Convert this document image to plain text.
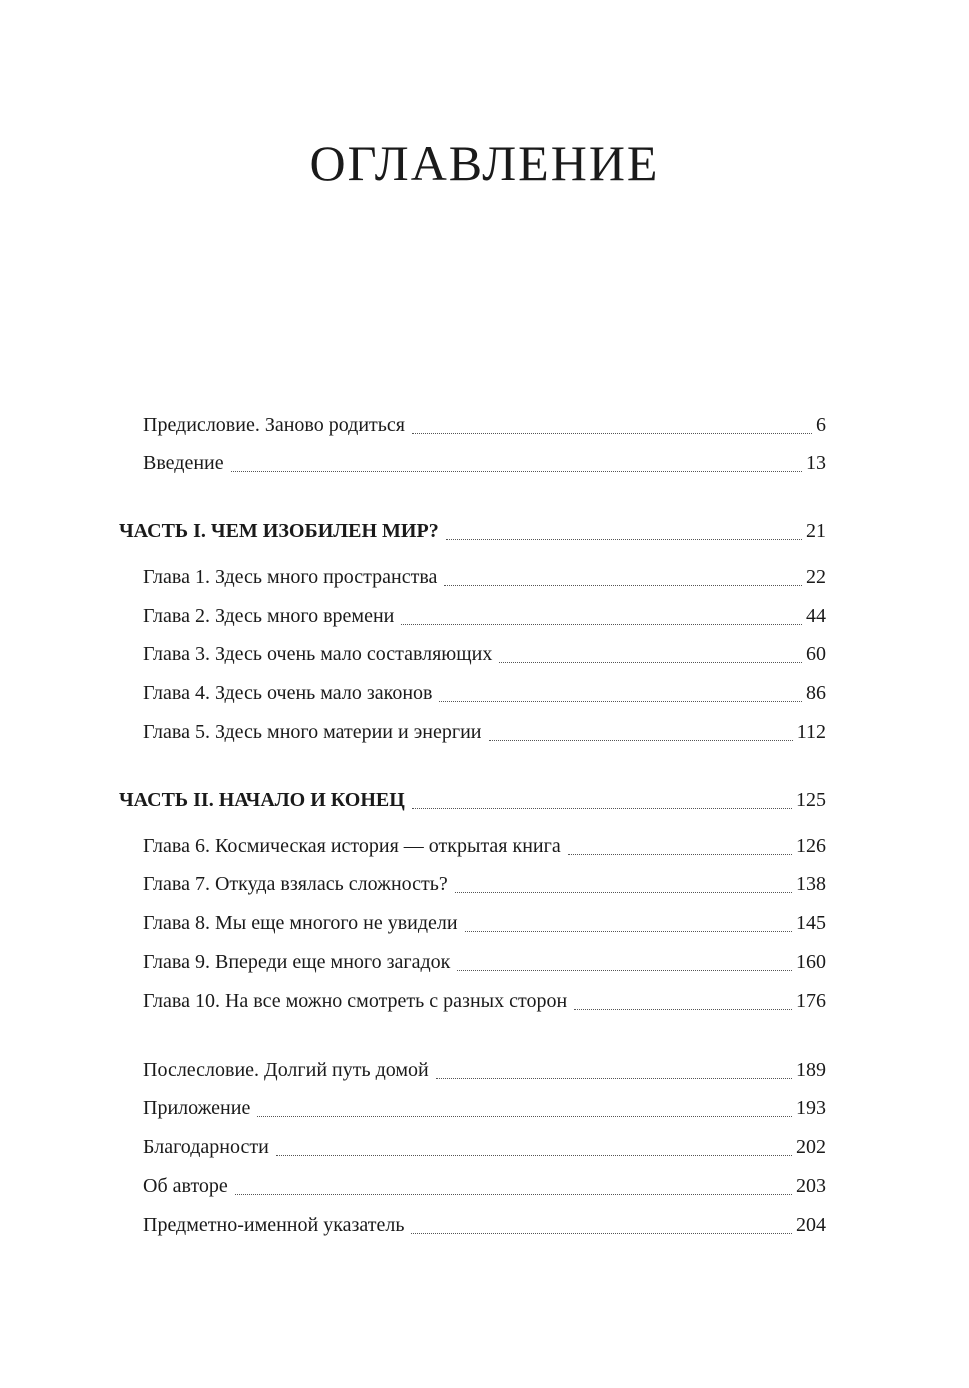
ОГЛАВЛЕНИЕ
Предисловие. Заново родиться	6
Введение	13
ЧАСТЬ I. ЧЕМ ИЗОБИЛЕН МИР?	21
Глава 1. Здесь много пространства	22
Глава 2. Здесь много времени	44
Глава 3. Здесь очень мало составляющих	60
Глава 4. Здесь очень мало законов	86
Глава 5. Здесь много материи и энергии	112
ЧАСТЬ II. НАЧАЛО И КОНЕЦ	125
Глава 6. Космическая история — открытая книга	126
Глава 7. Откуда взялась сложность?	138
Глава 8. Мы еще многого не увидели	145
Глава 9. Впереди еще много загадок	160
Глава 10. На все можно смотреть с разных сторон	176
Послесловие. Долгий путь домой	189
Приложение	193
Благодарности	202
Об авторе	203
Предметно-именной указатель	204
